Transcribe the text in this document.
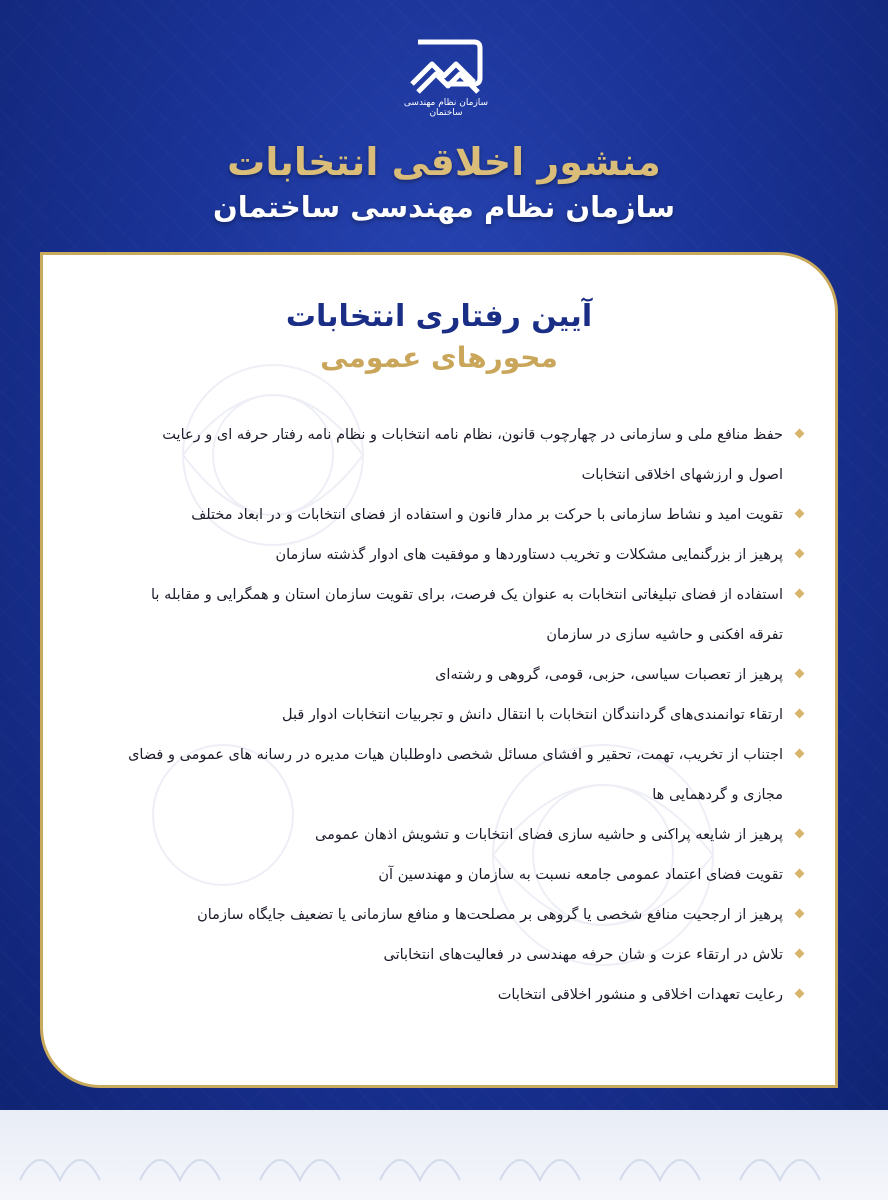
سازمان نظام مهندسی ساختمان
منشور اخلاقی انتخابات
سازمان نظام مهندسی ساختمان
آیین رفتاری انتخابات
محورهای عمومی
حفظ منافع ملی و سازمانی در چهارچوب قانون، نظام نامه انتخابات و نظام نامه رفتار حرفه ای و رعایت اصول و ارزشهای اخلاقی انتخابات
تقویت امید و نشاط سازمانی با حرکت بر مدار قانون و استفاده از فضای انتخابات و در ابعاد مختلف
پرهیز از بزرگنمایی مشکلات و تخریب دستاوردها و موفقیت های ادوار گذشته سازمان
استفاده از فضای تبلیغاتی انتخابات به عنوان یک فرصت، برای تقویت سازمان استان و همگرایی و مقابله با تفرقه افکنی و حاشیه سازی در سازمان
پرهیز از تعصبات سیاسی، حزبی، قومی، گروهی و رشته‌ای
ارتقاء توانمندی‌های گردانندگان انتخابات با انتقال دانش و تجربیات انتخابات ادوار قبل
اجتناب از تخریب، تهمت، تحقیر و افشای مسائل شخصی داوطلبان هیات مدیره در رسانه های عمومی و فضای مجازی و گردهمایی ها
پرهیز از شایعه پراکنی و حاشیه سازی فضای انتخابات و تشویش اذهان عمومی
تقویت فضای اعتماد عمومی جامعه نسبت به سازمان و مهندسین آن
پرهیز از ارجحیت منافع شخصی یا گروهی بر مصلحت‌ها و منافع سازمانی یا تضعیف جایگاه سازمان
تلاش در ارتقاء عزت و شان حرفه مهندسی در فعالیت‌های انتخاباتی
رعایت تعهدات اخلاقی و منشور اخلاقی انتخابات
